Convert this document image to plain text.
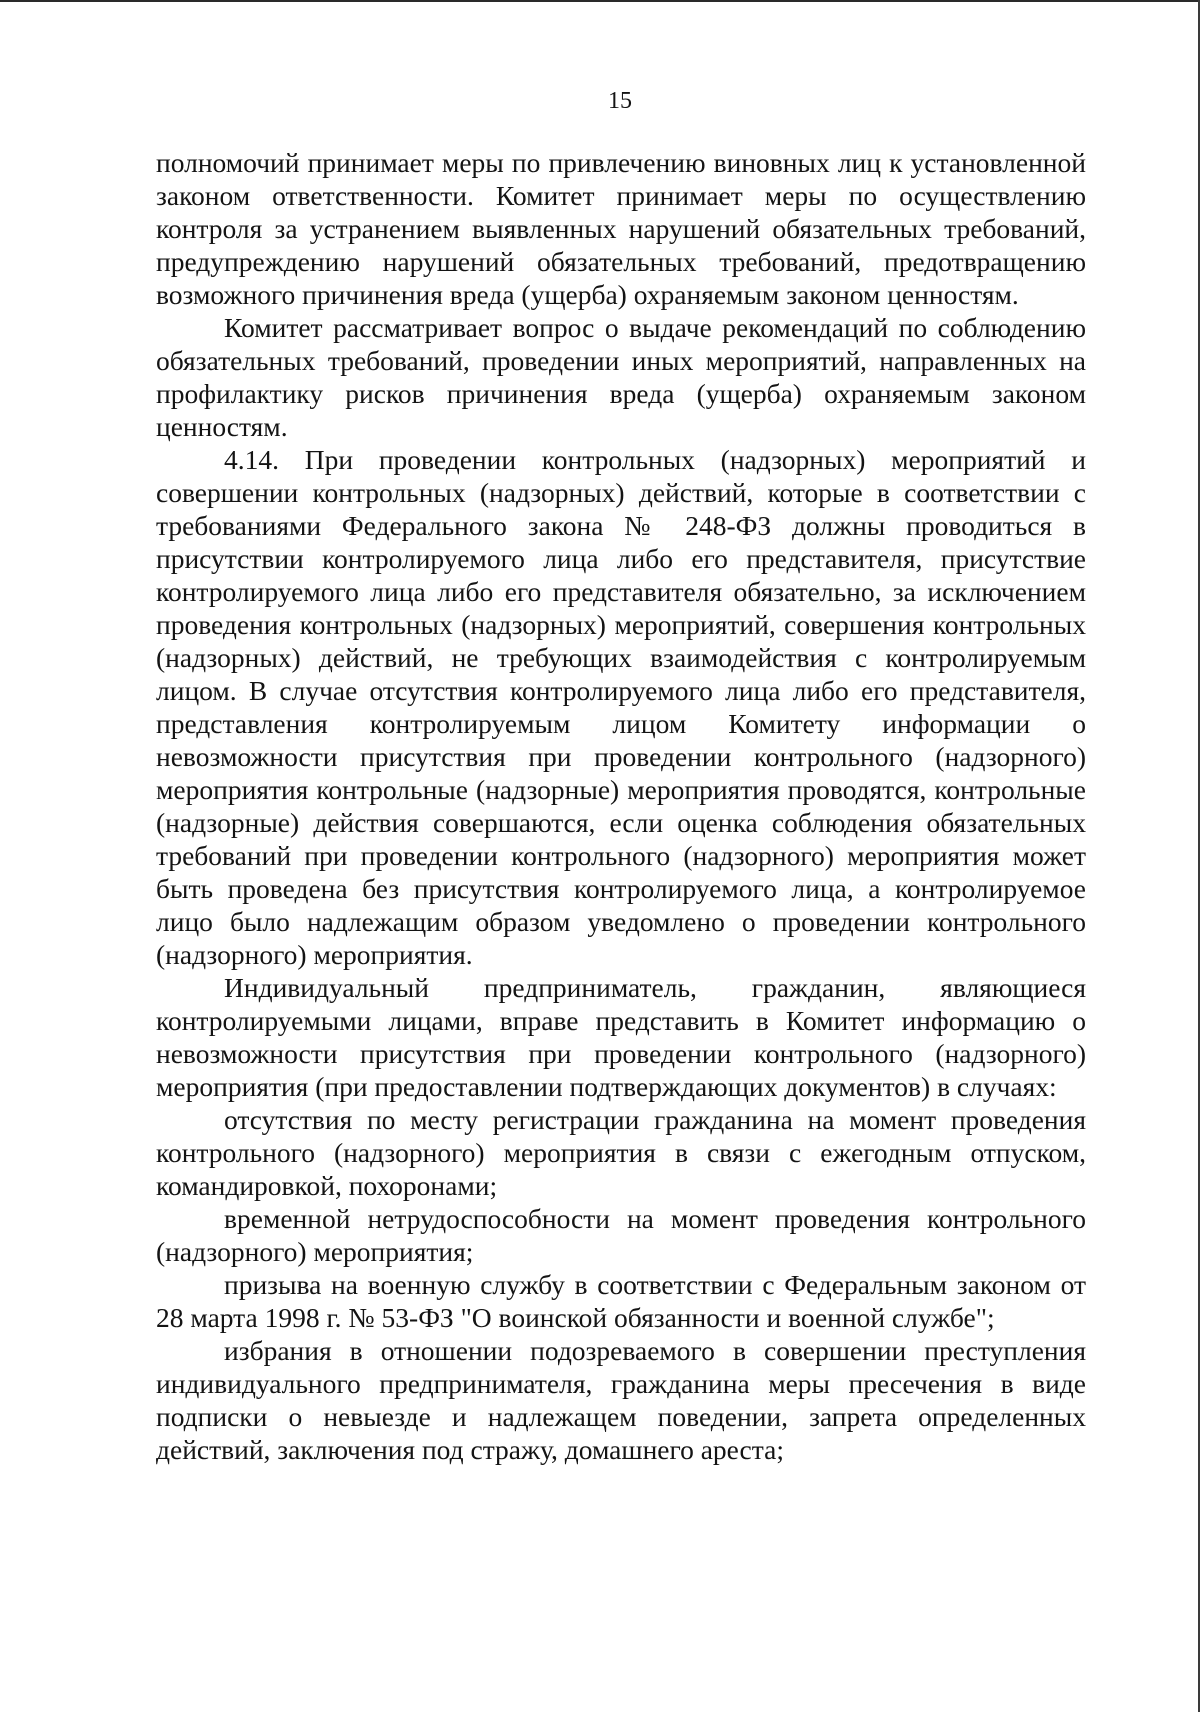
15

полномочий принимает меры по привлечению виновных лиц к установленной законом ответственности. Комитет принимает меры по осуществлению контроля за устранением выявленных нарушений обязательных требований, предупреждению нарушений обязательных требований, предотвращению возможного причинения вреда (ущерба) охраняемым законом ценностям.

Комитет рассматривает вопрос о выдаче рекомендаций по соблюдению обязательных требований, проведении иных мероприятий, направленных на профилактику рисков причинения вреда (ущерба) охраняемым законом ценностям.

4.14. При проведении контрольных (надзорных) мероприятий и совершении контрольных (надзорных) действий, которые в соответствии с требованиями Федерального закона № 248-ФЗ должны проводиться в присутствии контролируемого лица либо его представителя, присутствие контролируемого лица либо его представителя обязательно, за исключением проведения контрольных (надзорных) мероприятий, совершения контрольных (надзорных) действий, не требующих взаимодействия с контролируемым лицом. В случае отсутствия контролируемого лица либо его представителя, представления контролируемым лицом Комитету информации о невозможности присутствия при проведении контрольного (надзорного) мероприятия контрольные (надзорные) мероприятия проводятся, контрольные (надзорные) действия совершаются, если оценка соблюдения обязательных требований при проведении контрольного (надзорного) мероприятия может быть проведена без присутствия контролируемого лица, а контролируемое лицо было надлежащим образом уведомлено о проведении контрольного (надзорного) мероприятия.

Индивидуальный предприниматель, гражданин, являющиеся контролируемыми лицами, вправе представить в Комитет информацию о невозможности присутствия при проведении контрольного (надзорного) мероприятия (при предоставлении подтверждающих документов) в случаях:

отсутствия по месту регистрации гражданина на момент проведения контрольного (надзорного) мероприятия в связи с ежегодным отпуском, командировкой, похоронами;

временной нетрудоспособности на момент проведения контрольного (надзорного) мероприятия;

призыва на военную службу в соответствии с Федеральным законом от 28 марта 1998 г. № 53-ФЗ "О воинской обязанности и военной службе";

избрания в отношении подозреваемого в совершении преступления индивидуального предпринимателя, гражданина меры пресечения в виде подписки о невыезде и надлежащем поведении, запрета определенных действий, заключения под стражу, домашнего ареста;
